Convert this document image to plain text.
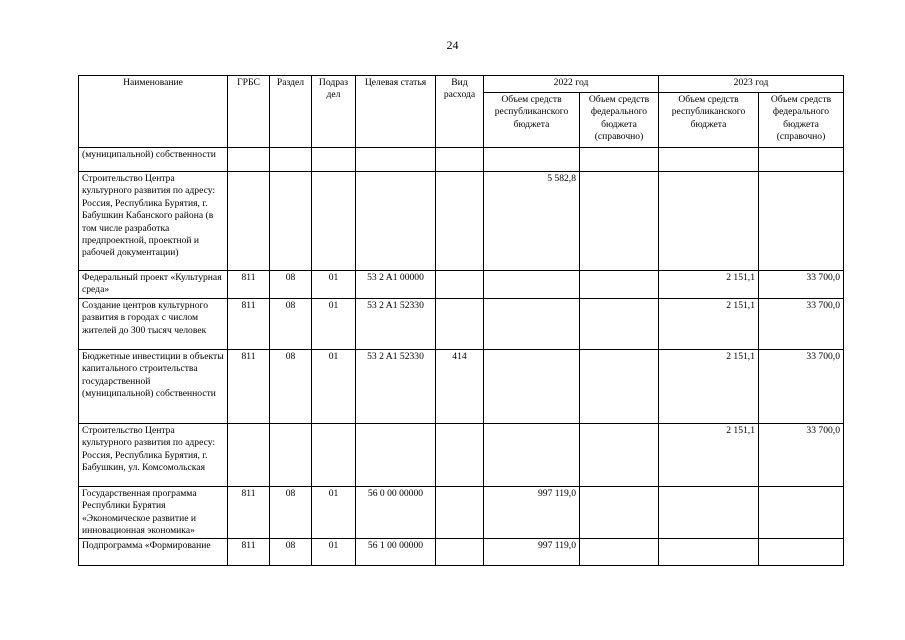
24
Наименование	ГРБС	Раздел	Подраз дел	Целевая статья	Вид расхода	2022 год		2023 год	
						Объем средств республиканского бюджета	Объем средств федерального бюджета (справочно)	Объем средств республиканского бюджета	Объем средств федерального бюджета (справочно)
(муниципальной) собственности									
Строительство Центра культурного развития по адресу: Россия, Республика Бурятия, г. Бабушкин Кабанского района (в том числе разработка предпроектной, проектной и рабочей документации)						5 582,8			
Федеральный проект «Культурная среда»	811	08	01	53 2 A1 00000				2 151,1	33 700,0
Создание центров культурного развития в городах с числом жителей до 300 тысяч человек	811	08	01	53 2 A1 52330				2 151,1	33 700,0
Бюджетные инвестиции в объекты капитального строительства государственной (муниципальной) собственности	811	08	01	53 2 A1 52330	414			2 151,1	33 700,0
Строительство Центра культурного развития по адресу: Россия, Республика Бурятия, г. Бабушкин, ул. Комсомольская								2 151,1	33 700,0
Государственная программа Республики Бурятия «Экономическое развитие и инновационная экономика»	811	08	01	56 0 00 00000		997 119,0			
Подпрограмма «Формирование	811	08	01	56 1 00 00000		997 119,0			
